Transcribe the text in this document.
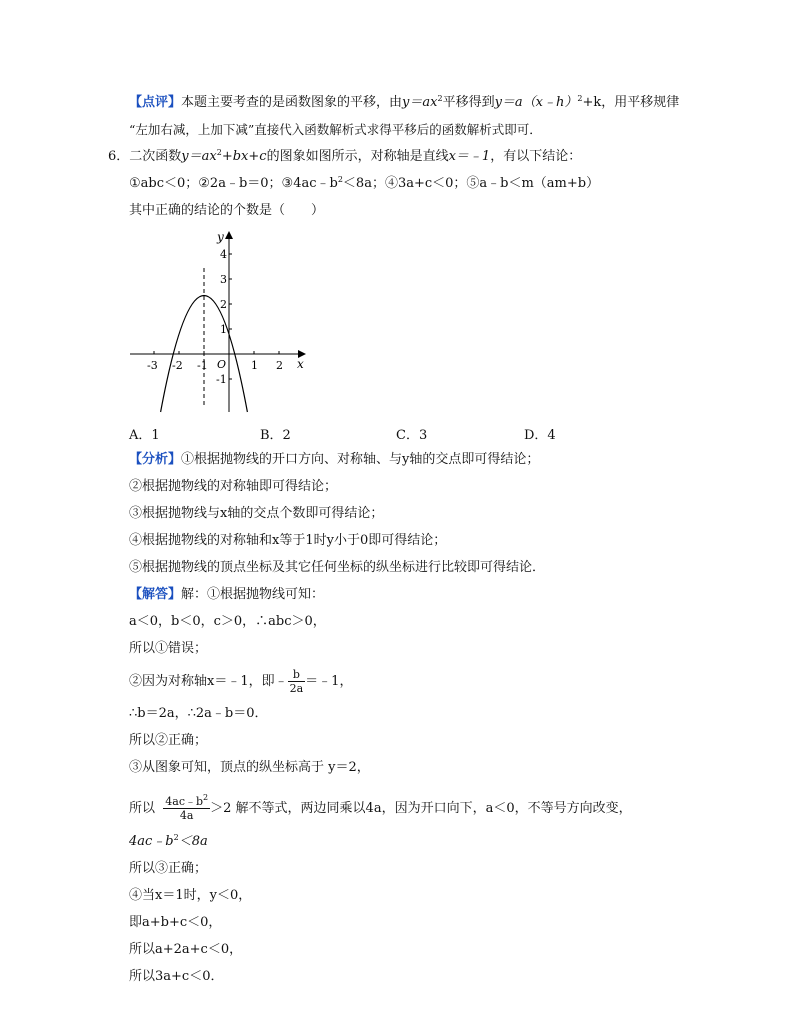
【点评】本题主要考查的是函数图象的平移，由$y=ax^2$平移得到y＝a（x﹣h）$^2$+k，用平移规律
“左加右减，上加下减”直接代入函数解析式求得平移后的函数解析式即可．
6．二次函数$y=ax^2+bx+c$的图象如图所示，对称轴是直线x＝﹣1，有以下结论：
①abc＜0；②2a﹣b＝0；$③4ac﹣b^2<8a$；④3a+c＜0；⑤a﹣b＜m（am+b）
其中正确的结论的个数是（　　）
y
x
O
-3 -2 -1	1 2
4
3
2
1
-1
A．1	B．2	C．3	D．4
【分析】①根据抛物线的开口方向、对称轴、与y轴的交点即可得结论；
②根据抛物线的对称轴即可得结论；
③根据抛物线与x轴的交点个数即可得结论；
④根据抛物线的对称轴和x等于1时y小于0即可得结论；
⑤根据抛物线的顶点坐标及其它任何坐标的纵坐标进行比较即可得结论．
【解答】解：①根据抛物线可知：
a＜0，b＜0，c＞0，∴abc＞0，
所以①错误；
②因为对称轴x＝﹣1，即﹣ $\frac{b}{2a}$ ＝﹣1，
∴b＝2a，∴2a﹣b＝0．
所以②正确；
③从图象可知，顶点的纵坐标高于 y＝2，
所以 $\frac{4ac﹣b^2}{4a} >2$ 解不等式，两边同乘以4a，因为开口向下，a＜0，不等号方向改变，
$4ac﹣b^2<8a$
所以③正确；
④当x＝1时，y＜0，
即a+b+c＜0，
所以a+2a+c＜0，
所以3a+c＜0．
